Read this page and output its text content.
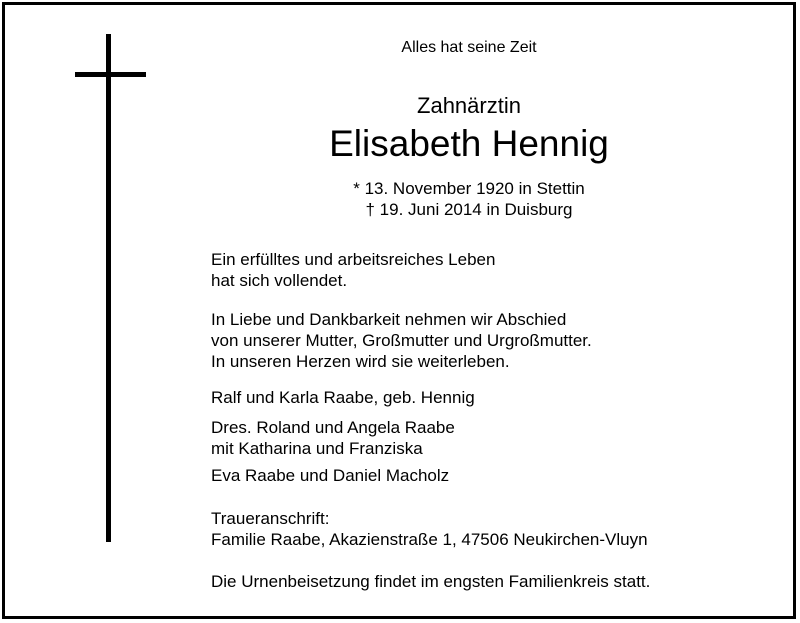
Alles hat seine Zeit
Zahnärztin
Elisabeth Hennig
* 13. November 1920 in Stettin
† 19. Juni 2014 in Duisburg
Ein erfülltes und arbeitsreiches Leben
hat sich vollendet.
In Liebe und Dankbarkeit nehmen wir Abschied
von unserer Mutter, Großmutter und Urgroßmutter.
In unseren Herzen wird sie weiterleben.
Ralf und Karla Raabe, geb. Hennig
Dres. Roland und Angela Raabe
mit Katharina und Franziska
Eva Raabe und Daniel Macholz
Traueranschrift:
Familie Raabe, Akazienstraße 1, 47506 Neukirchen-Vluyn
Die Urnenbeisetzung findet im engsten Familienkreis statt.
